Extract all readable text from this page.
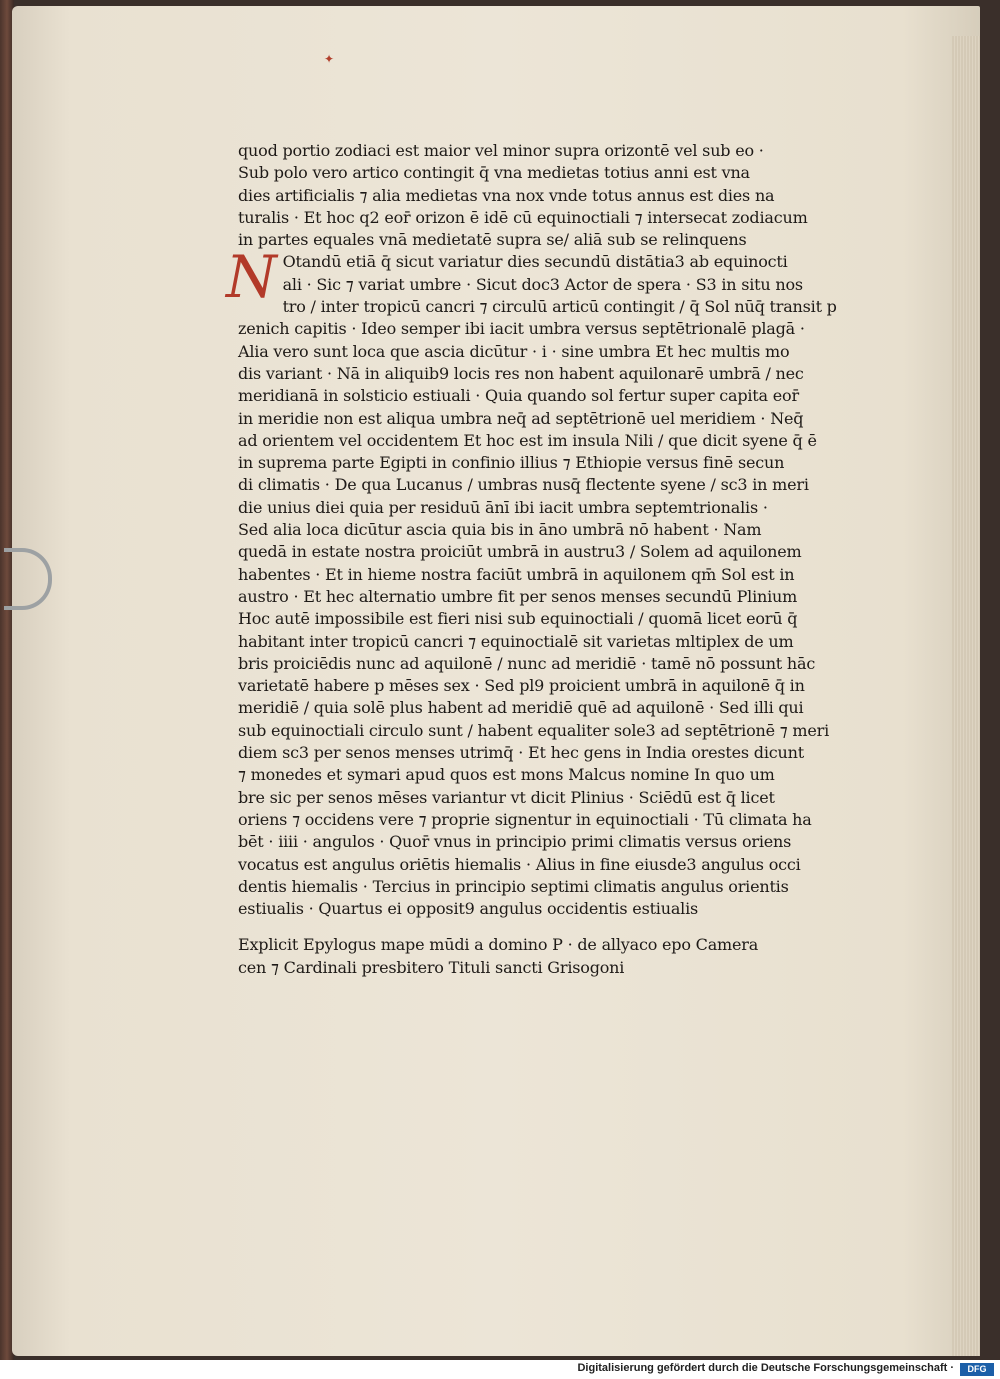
✦
quod portio zodiaci est maior vel minor supra orizontē vel sub eo ·
Sub polo vero artico contingit q̄ vna medietas totius anni est vna
dies artificialis ⁊ alia medietas vna nox vnde totus annus est dies na
turalis · Et hoc q2 eor̄ orizon ē idē cū equinoctiali ⁊ intersecat zodiacum
in partes equales vnā medietatē supra se/ aliā sub se relinquens
N Otandū etiā q̄ sicut variatur dies secundū distātia3 ab equinocti
ali · Sic ⁊ variat umbre · Sicut doc3 Actor de spera · S3 in situ nos
tro / inter tropicū cancri ⁊ circulū articū contingit / q̄ Sol nūq̄ transit p
zenich capitis · Ideo semper ibi iacit umbra versus septētrionalē plagā ·
Alia vero sunt loca que ascia dicūtur · i · sine umbra Et hec multis mo
dis variant · Nā in aliquib9 locis res non habent aquilonarē umbrā / nec
meridianā in solsticio estiuali · Quia quando sol fertur super capita eor̄
in meridie non est aliqua umbra neq̄ ad septētrionē uel meridiem · Neq̄
ad orientem vel occidentem Et hoc est im insula Nili / que dicit syene q̄ ē
in suprema parte Egipti in confinio illius ⁊ Ethiopie versus finē secun
di climatis · De qua Lucanus / umbras nusq̄ flectente syene / sc3 in meri
die unius diei quia per residuū ānī ibi iacit umbra septemtrionalis ·
Sed alia loca dicūtur ascia quia bis in āno umbrā nō habent · Nam
quedā in estate nostra proiciūt umbrā in austru3 / Solem ad aquilonem
habentes · Et in hieme nostra faciūt umbrā in aquilonem qm̄ Sol est in
austro · Et hec alternatio umbre fit per senos menses secundū Plinium
Hoc autē impossibile est fieri nisi sub equinoctiali / quomā licet eorū q̄
habitant inter tropicū cancri ⁊ equinoctialē sit varietas mltiplex de um
bris proiciēdis nunc ad aquilonē / nunc ad meridiē · tamē nō possunt hāc
varietatē habere p mēses sex · Sed pl9 proicient umbrā in aquilonē q̄ in
meridiē / quia solē plus habent ad meridiē quē ad aquilonē · Sed illi qui
sub equinoctiali circulo sunt / habent equaliter sole3 ad septētrionē ⁊ meri
diem sc3 per senos menses utrimq̄ · Et hec gens in India orestes dicunt
⁊ monedes et symari apud quos est mons Malcus nomine In quo um
bre sic per senos mēses variantur vt dicit Plinius · Sciēdū est q̄ licet
oriens ⁊ occidens vere ⁊ proprie signentur in equinoctiali · Tū climata ha
bēt · iiii · angulos · Quor̄ vnus in principio primi climatis versus oriens
vocatus est angulus oriētis hiemalis · Alius in fine eiusde3 angulus occi
dentis hiemalis · Tercius in principio septimi climatis angulus orientis
estiualis · Quartus ei opposit9 angulus occidentis estiualis
Explicit Epylogus mape mūdi a domino P · de allyaco epo Camera
cen ⁊ Cardinali presbitero Tituli sancti Grisogoni
Digitalisierung gefördert durch die Deutsche Forschungsgemeinschaft ·	DFG
